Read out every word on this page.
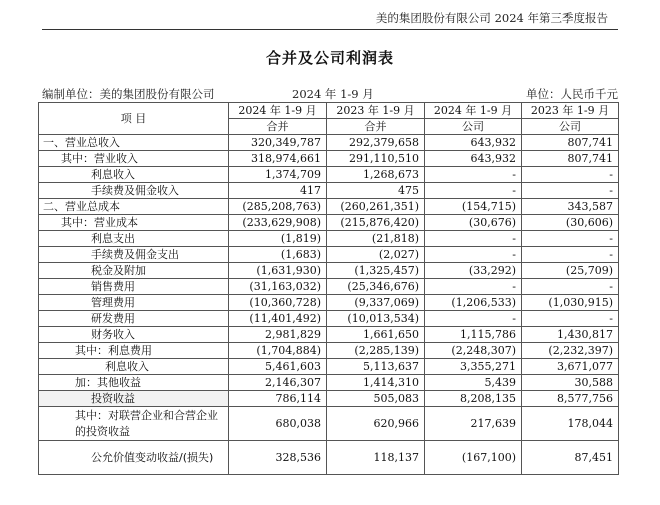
美的集团股份有限公司 2024 年第三季度报告
合并及公司利润表
编制单位：美的集团股份有限公司	2024 年 1-9 月	单位：人民币千元
项 目	2024 年 1-9 月	2023 年 1-9 月	2024 年 1-9 月	2023 年 1-9 月
	合并	合并	公司	公司
一、营业总收入	320,349,787	292,379,658	643,932	807,741
其中：营业收入	318,974,661	291,110,510	643,932	807,741
利息收入	1,374,709	1,268,673	-	-
手续费及佣金收入	417	475	-	-
二、营业总成本	(285,208,763)	(260,261,351)	(154,715)	343,587
其中：营业成本	(233,629,908)	(215,876,420)	(30,676)	(30,606)
利息支出	(1,819)	(21,818)	-	-
手续费及佣金支出	(1,683)	(2,027)	-	-
税金及附加	(1,631,930)	(1,325,457)	(33,292)	(25,709)
销售费用	(31,163,032)	(25,346,676)	-	-
管理费用	(10,360,728)	(9,337,069)	(1,206,533)	(1,030,915)
研发费用	(11,401,492)	(10,013,534)	-	-
财务收入	2,981,829	1,661,650	1,115,786	1,430,817
其中：利息费用	(1,704,884)	(2,285,139)	(2,248,307)	(2,232,397)
利息收入	5,461,603	5,113,637	3,355,271	3,671,077
加：其他收益	2,146,307	1,414,310	5,439	30,588
投资收益	786,114	505,083	8,208,135	8,577,756
其中：对联营企业和合营企业的投资收益	680,038	620,966	217,639	178,044
公允价值变动收益/(损失)	328,536	118,137	(167,100)	87,451
